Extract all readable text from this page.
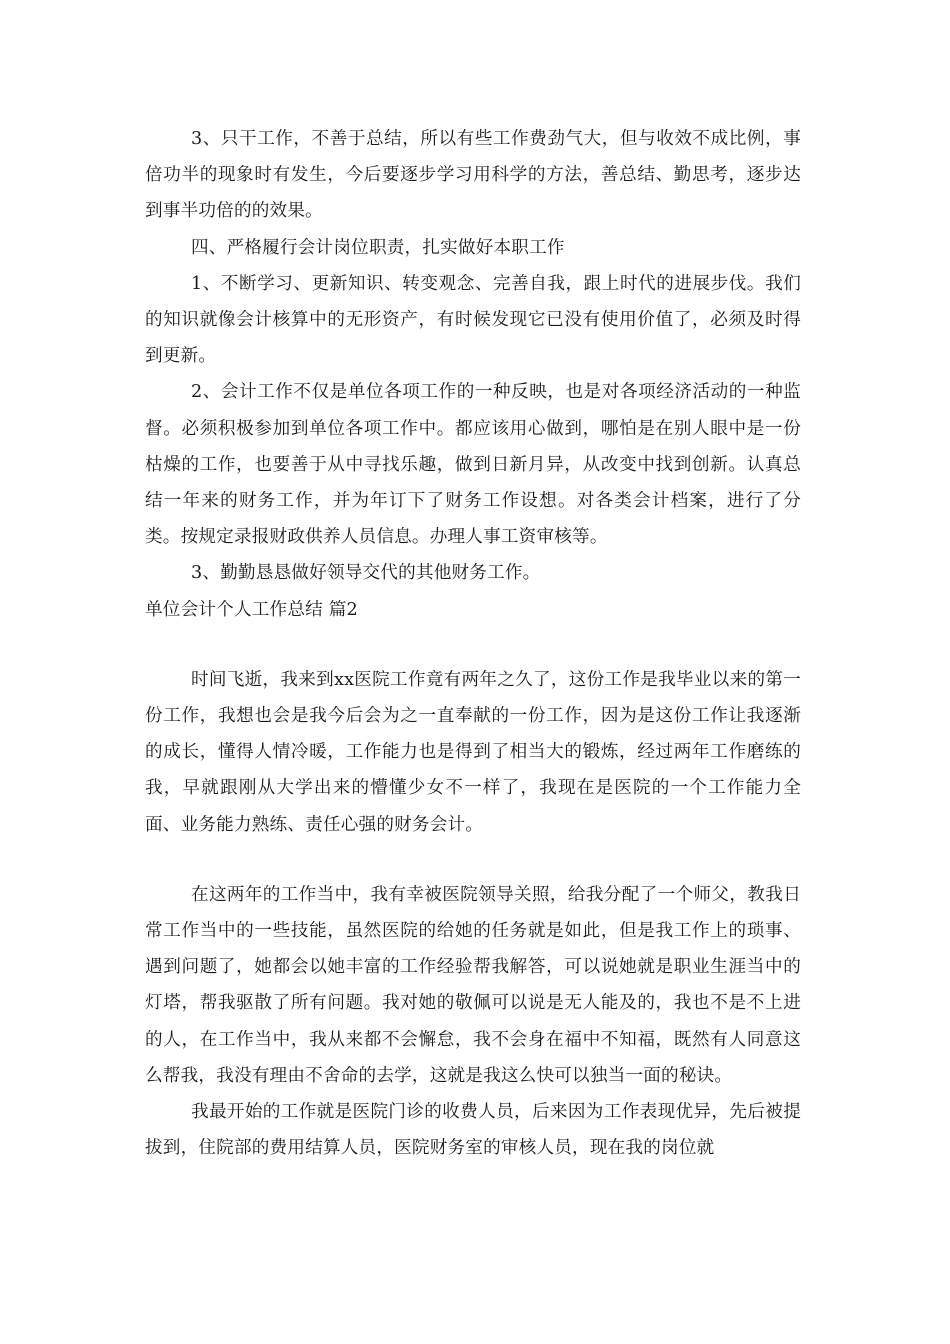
3、只干工作，不善于总结，所以有些工作费劲气大，但与收效不成比例，事倍功半的现象时有发生，今后要逐步学习用科学的方法，善总结、勤思考，逐步达到事半功倍的的效果。

四、严格履行会计岗位职责，扎实做好本职工作

1、不断学习、更新知识、转变观念、完善自我，跟上时代的进展步伐。我们的知识就像会计核算中的无形资产，有时候发现它已没有使用价值了，必须及时得到更新。

2、会计工作不仅是单位各项工作的一种反映，也是对各项经济活动的一种监督。必须积极参加到单位各项工作中。都应该用心做到，哪怕是在别人眼中是一份枯燥的工作，也要善于从中寻找乐趣，做到日新月异，从改变中找到创新。认真总结一年来的财务工作，并为年订下了财务工作设想。对各类会计档案，进行了分类。按规定录报财政供养人员信息。办理人事工资审核等。

3、勤勤恳恳做好领导交代的其他财务工作。

单位会计个人工作总结 篇2

时间飞逝，我来到xx医院工作竟有两年之久了，这份工作是我毕业以来的第一份工作，我想也会是我今后会为之一直奉献的一份工作，因为是这份工作让我逐渐的成长，懂得人情冷暖，工作能力也是得到了相当大的锻炼，经过两年工作磨练的我，早就跟刚从大学出来的懵懂少女不一样了，我现在是医院的一个工作能力全面、业务能力熟练、责任心强的财务会计。

在这两年的工作当中，我有幸被医院领导关照，给我分配了一个师父，教我日常工作当中的一些技能，虽然医院的给她的任务就是如此，但是我工作上的琐事、遇到问题了，她都会以她丰富的工作经验帮我解答，可以说她就是职业生涯当中的灯塔，帮我驱散了所有问题。我对她的敬佩可以说是无人能及的，我也不是不上进的人，在工作当中，我从来都不会懈怠，我不会身在福中不知福，既然有人同意这么帮我，我没有理由不舍命的去学，这就是我这么快可以独当一面的秘诀。

我最开始的工作就是医院门诊的收费人员，后来因为工作表现优异，先后被提拔到，住院部的费用结算人员，医院财务室的审核人员，现在我的岗位就
